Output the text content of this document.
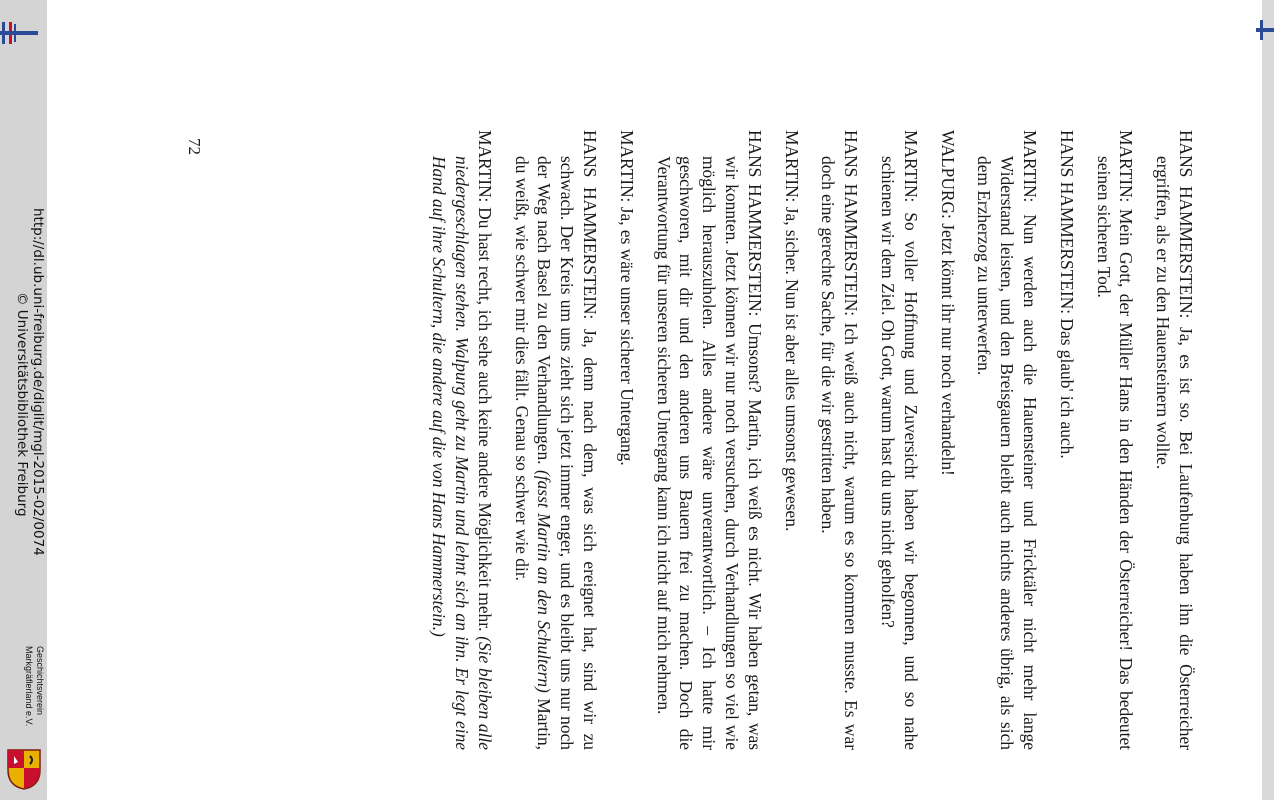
http://dl.ub.uni-freiburg.de/diglit/mgl-2015-02/0074
© Universitätsbibliothek Freiburg
Geschichtsverein
Markgräflerland e.V.
72	HANS HAMMERSTEIN: Ja, es ist so. Bei Laufenburg haben ihn die Österreicher ergriffen, als er zu den Hauensteinern wollte.

MARTIN: Mein Gott, der Müller Hans in den Händen der Österreicher! Das bedeutet seinen sicheren Tod.

HANS HAMMERSTEIN: Das glaub' ich auch.

MARTIN: Nun werden auch die Hauensteiner und Fricktäler nicht mehr lange Widerstand leisten, und den Breisgauern bleibt auch nichts anderes übrig, als sich dem Erzherzog zu unterwerfen.

WALPURG: Jetzt könnt ihr nur noch verhandeln!

MARTIN: So voller Hoffnung und Zuversicht haben wir begonnen, und so nahe schienen wir dem Ziel. Oh Gott, warum hast du uns nicht geholfen?

HANS HAMMERSTEIN: Ich weiß auch nicht, warum es so kommen musste. Es war doch eine gerechte Sache, für die wir gestritten haben.

MARTIN: Ja, sicher. Nun ist aber alles umsonst gewesen.

HANS HAMMERSTEIN: Umsonst? Martin, ich weiß es nicht. Wir haben getan, was wir konnten. Jetzt können wir nur noch versuchen, durch Verhandlungen so viel wie möglich herauszuholen. Alles andere wäre unverantwortlich. – Ich hatte mir geschworen, mit dir und den anderen uns Bauern frei zu machen. Doch die Verantwortung für unseren sicheren Untergang kann ich nicht auf mich nehmen.

MARTIN: Ja, es wäre unser sicherer Untergang.

HANS HAMMERSTEIN: Ja, denn nach dem, was sich ereignet hat, sind wir zu schwach. Der Kreis um uns zieht sich jetzt immer enger, und es bleibt uns nur noch der Weg nach Basel zu den Verhandlungen. (fasst Martin an den Schultern) Martin, du weißt, wie schwer mir dies fällt. Genau so schwer wie dir.

MARTIN: Du hast recht, ich sehe auch keine andere Möglichkeit mehr. (Sie bleiben alle niedergeschlagen stehen. Walpurg geht zu Martin und lehnt sich an ihn. Er legt eine Hand auf ihre Schultern, die andere auf die von Hans Hammerstein.)
